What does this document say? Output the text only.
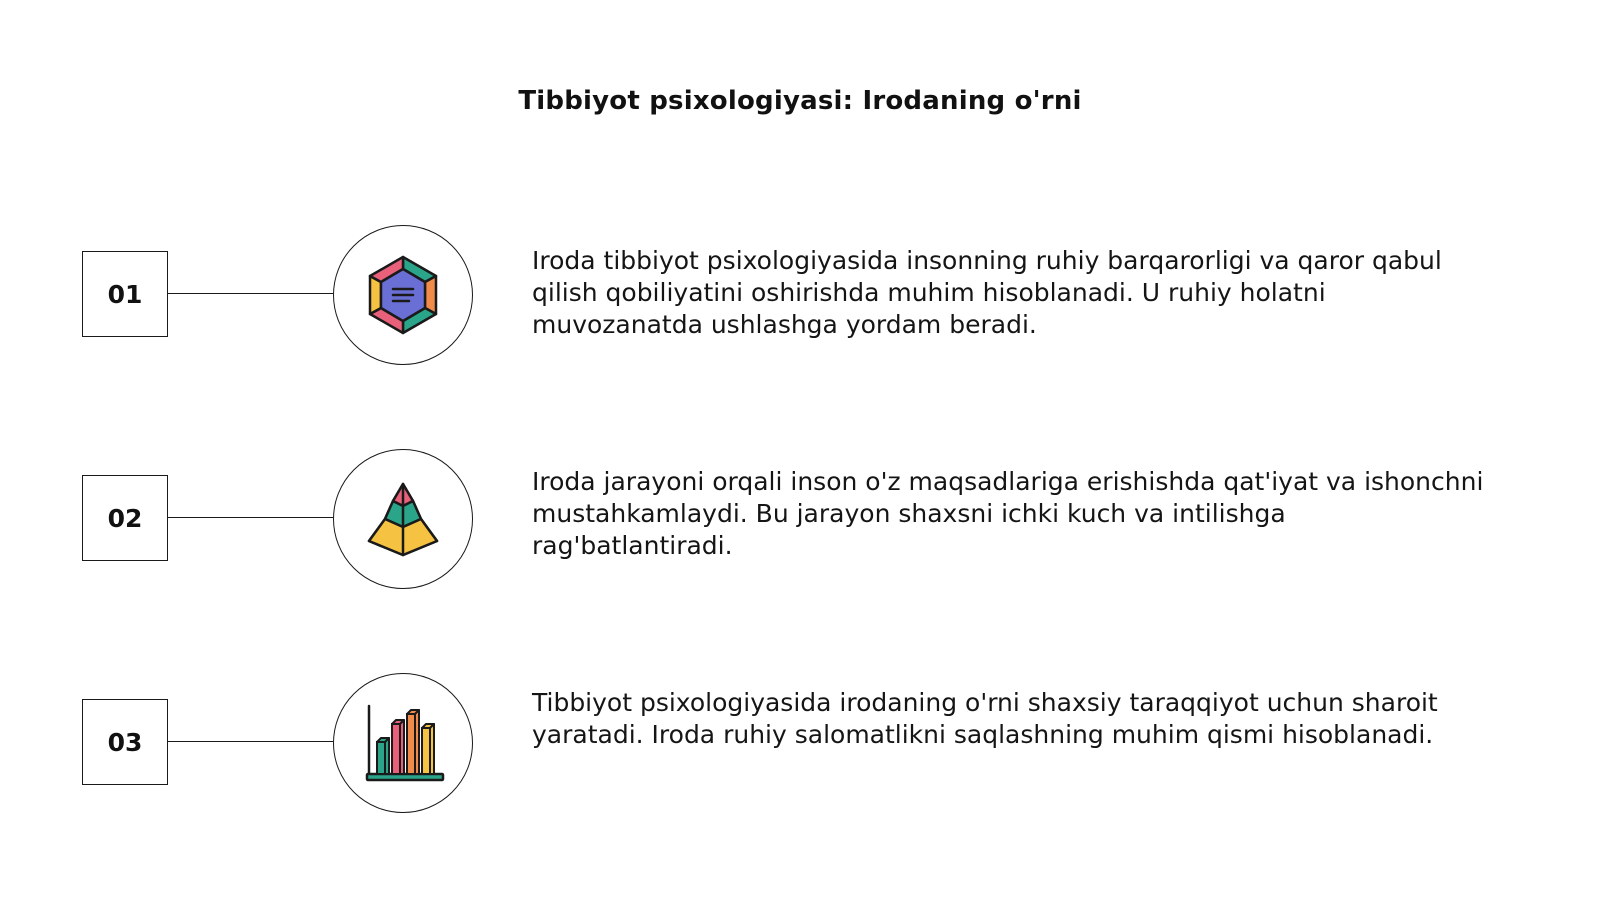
Tibbiyot psixologiyasi: Irodaning o'rni
01

Iroda tibbiyot psixologiyasida insonning ruhiy barqarorligi va qaror qabul qilish qobiliyatini oshirishda muhim hisoblanadi. U ruhiy holatni muvozanatda ushlashga yordam beradi.

02

Iroda jarayoni orqali inson o'z maqsadlariga erishishda qat'iyat va ishonchni mustahkamlaydi. Bu jarayon shaxsni ichki kuch va intilishga rag'batlantiradi.

03

Tibbiyot psixologiyasida irodaning o'rni shaxsiy taraqqiyot uchun sharoit yaratadi. Iroda ruhiy salomatlikni saqlashning muhim qismi hisoblanadi.
